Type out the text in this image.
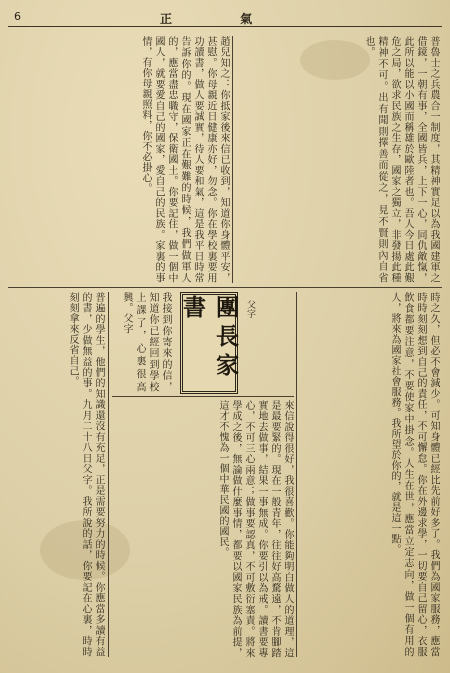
6	正 氣
普魯士之兵農合一制度，其精神實足以為我國建軍之借鏡，一朝有事，全國皆兵，上下一心，同仇敵愾，此所以能以小國而稱雄於歐陸者也。吾人今日處此艱危之局，欲求民族之生存，國家之獨立，非發揚此種精神不可。出有聞則擇善而從之，見不賢則內自省也。
趙兒知之：你抵家後來信已收到，知道你身體平安，甚慰。你母親近日健康亦好，勿念。你在學校裏要用功讀書，做人要誠實，待人要和氣，這是我平日時常告訴你的。現在國家正在艱難的時候，我們做軍人的，應當盡忠職守，保衛國土。你要記住，做一個中國人，就要愛自己的國家，愛自己的民族。家裏的事情，有你母親照料，你不必掛心。
時之久，但必不會減少。可知身體已經比先前好多了。我們為國家服務，應當時時刻刻想到自己的責任，不可懈怠。你在外邊求學，一切要自己留心，衣服飲食都要注意，不要使家中掛念。人生在世，應當立定志向，做一個有用的人，將來為國家社會服務。我所望於你的，就是這一點。
父字
團長家書
我接到你寄來的信，知道你已經回到學校上課了，心裏很高興。父字
來信說得很好，我很喜歡。你能夠明白做人的道理，這是最要緊的。現在一般青年，往往好高騖遠，不肯腳踏實地去做事，結果一事無成。你要引以為戒。讀書要專心，不可三心兩意；做事要認真，不可敷衍塞責。將來學成之後，無論做什麼事情，都要以國家民族為前提，這才不愧為一個中華民國的國民。
普遍的學生，他們的知識還沒有充足，正是需要努力的時候。你應當多讀有益的書，少做無益的事。九月二十八日父字。我所說的話，你要記在心裏，時時刻刻拿來反省自己。
